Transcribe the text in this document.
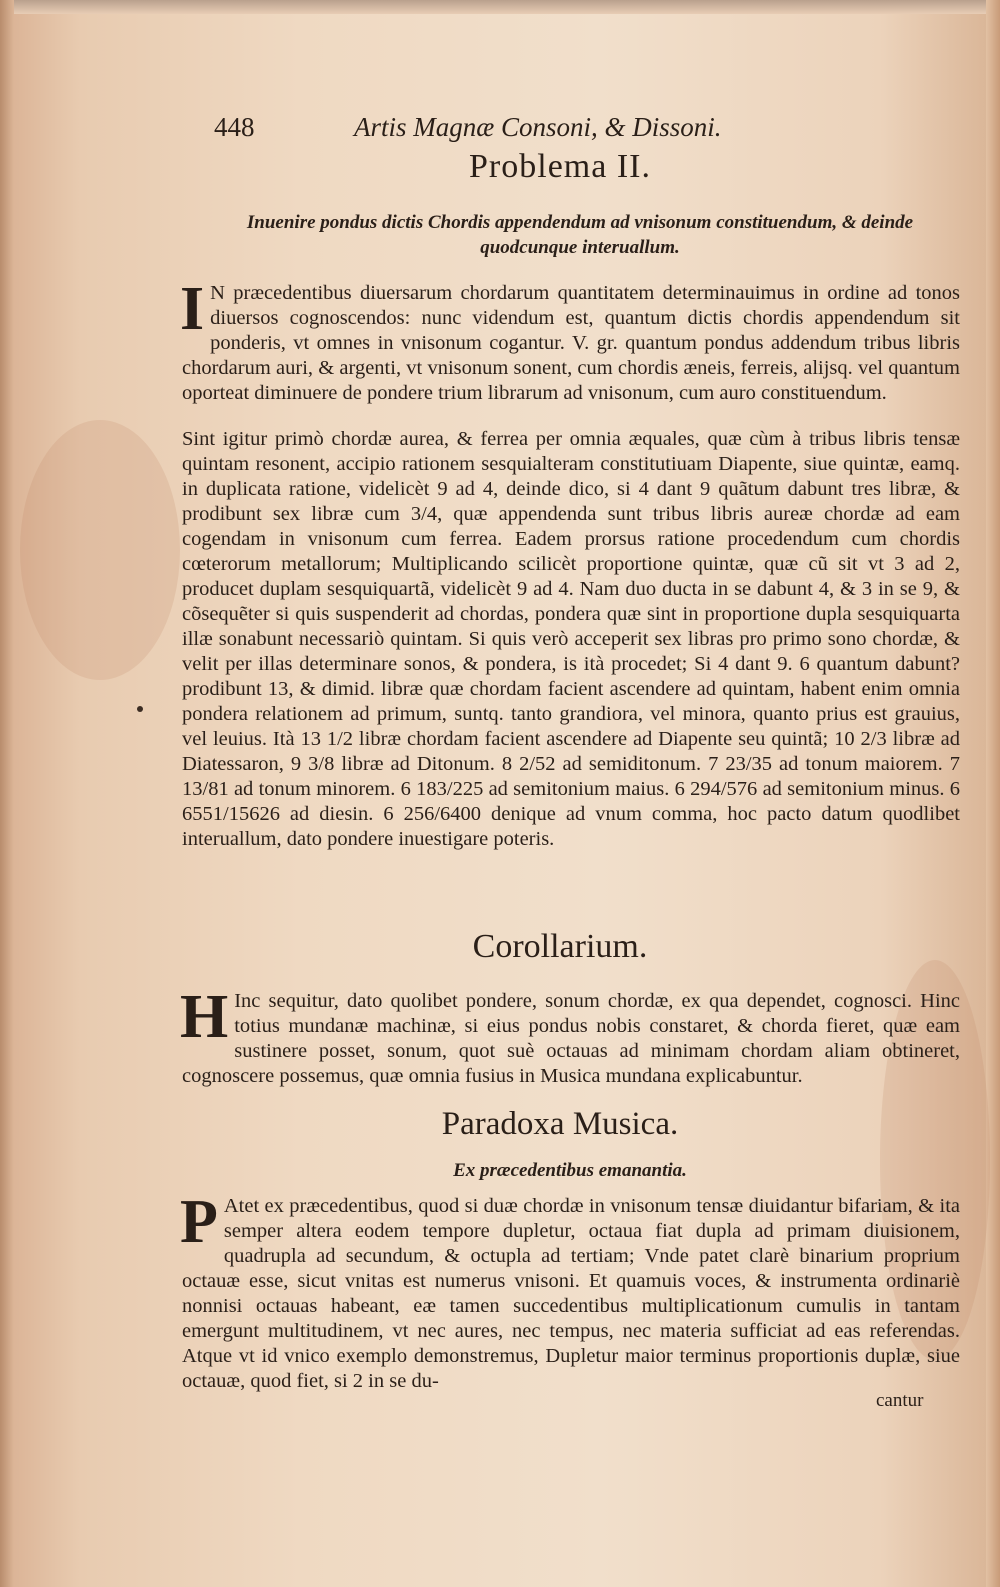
448	Artis Magnæ Consoni, & Dissoni.
Problema II.
Inuenire pondus dictis Chordis appendendum ad vnisonum constituendum, & deinde quodcunque interuallum.
I N præcedentibus diuersarum chordarum quantitatem determinauimus in ordine ad tonos diuersos cognoscendos: nunc videndum est, quantum dictis chordis appendendum sit ponderis, vt omnes in vnisonum cogantur. V. gr. quantum pondus addendum tribus libris chordarum auri, & argenti, vt vnisonum sonent, cum chordis æneis, ferreis, alijsq. vel quantum oporteat diminuere de pondere trium librarum ad vnisonum, cum auro constituendum.
Sint igitur primò chordæ aurea, & ferrea per omnia æquales, quæ cùm à tribus libris tensæ quintam resonent, accipio rationem sesquialteram constitutiuam Diapente, siue quintæ, eamq. in duplicata ratione, videlicèt 9 ad 4, deinde dico, si 4 dant 9 quãtum dabunt tres libræ, & prodibunt sex libræ cum 3/4, quæ appendenda sunt tribus libris aureæ chordæ ad eam cogendam in vnisonum cum ferrea. Eadem prorsus ratione procedendum cum chordis cœterorum metallorum; Multiplicando scilicèt proportione quintæ, quæ cũ sit vt 3 ad 2, producet duplam sesquiquartã, videlicèt 9 ad 4. Nam duo ducta in se dabunt 4, & 3 in se 9, & cõsequẽter si quis suspenderit ad chordas, pondera quæ sint in proportione dupla sesquiquarta illæ sonabunt necessariò quintam. Si quis verò acceperit sex libras pro primo sono chordæ, & velit per illas determinare sonos, & pondera, is ità procedet; Si 4 dant 9. 6 quantum dabunt? prodibunt 13, & dimid. libræ quæ chordam facient ascendere ad quintam, habent enim omnia pondera relationem ad primum, suntq. tanto grandiora, vel minora, quanto prius est grauius, vel leuius. Ità 13 1/2 libræ chordam facient ascendere ad Diapente seu quintã; 10 2/3 libræ ad Diatessaron, 9 3/8 libræ ad Ditonum. 8 2/52 ad semiditonum. 7 23/35 ad tonum maiorem. 7 13/81 ad tonum minorem. 6 183/225 ad semitonium maius. 6 294/576 ad semitonium minus. 6 6551/15626 ad diesin. 6 256/6400 denique ad vnum comma, hoc pacto datum quodlibet interuallum, dato pondere inuestigare poteris.
Corollarium.
H Inc sequitur, dato quolibet pondere, sonum chordæ, ex qua dependet, cognosci. Hinc totius mundanæ machinæ, si eius pondus nobis constaret, & chorda fieret, quæ eam sustinere posset, sonum, quot suè octauas ad minimam chordam aliam obtineret, cognoscere possemus, quæ omnia fusius in Musica mundana explicabuntur.
Paradoxa Musica.
Ex præcedentibus emanantia.
P Atet ex præcedentibus, quod si duæ chordæ in vnisonum tensæ diuidantur bifariam, & ita semper altera eodem tempore dupletur, octaua fiat dupla ad primam diuisionem, quadrupla ad secundum, & octupla ad tertiam; Vnde patet clarè binarium proprium octauæ esse, sicut vnitas est numerus vnisoni. Et quamuis voces, & instrumenta ordinariè nonnisi octauas habeant, eæ tamen succedentibus multiplicationum cumulis in tantam emergunt multitudinem, vt nec aures, nec tempus, nec materia sufficiat ad eas referendas. Atque vt id vnico exemplo demonstremus, Dupletur maior terminus proportionis duplæ, siue octauæ, quod fiet, si 2 in se du-
cantur
